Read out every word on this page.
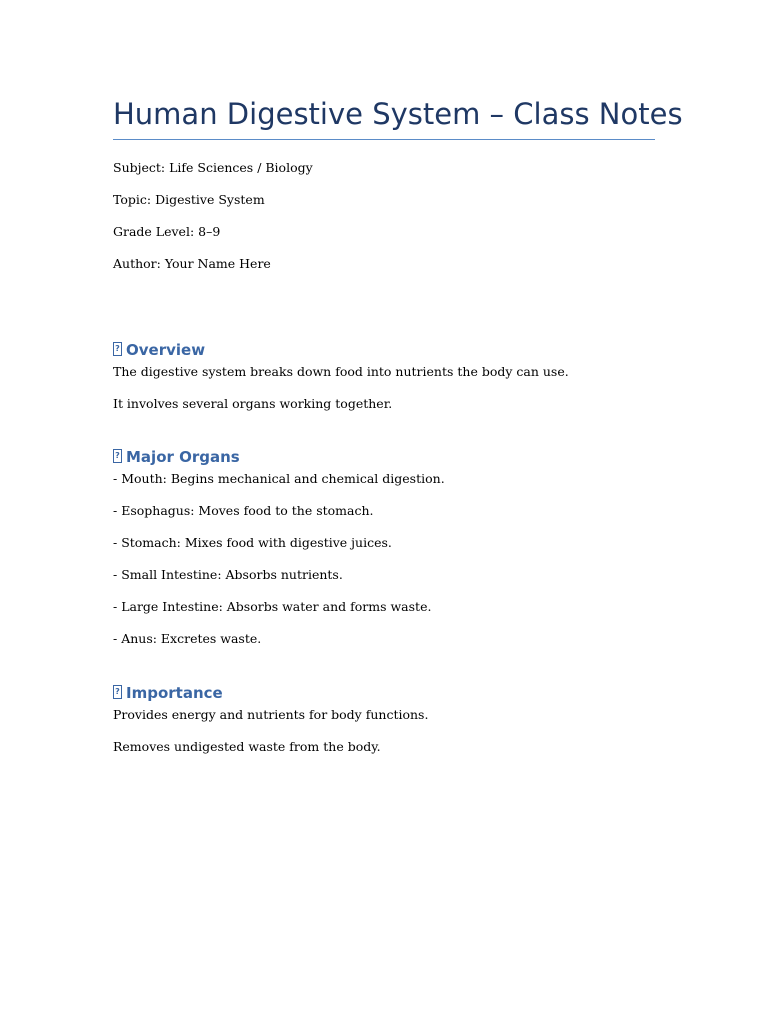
Human Digestive System – Class Notes

Subject: Life Sciences / Biology

Topic: Digestive System

Grade Level: 8–9

Author: Your Name Here

Overview

The digestive system breaks down food into nutrients the body can use.

It involves several organs working together.

Major Organs

- Mouth: Begins mechanical and chemical digestion.

- Esophagus: Moves food to the stomach.

- Stomach: Mixes food with digestive juices.

- Small Intestine: Absorbs nutrients.

- Large Intestine: Absorbs water and forms waste.

- Anus: Excretes waste.

Importance

Provides energy and nutrients for body functions.

Removes undigested waste from the body.
